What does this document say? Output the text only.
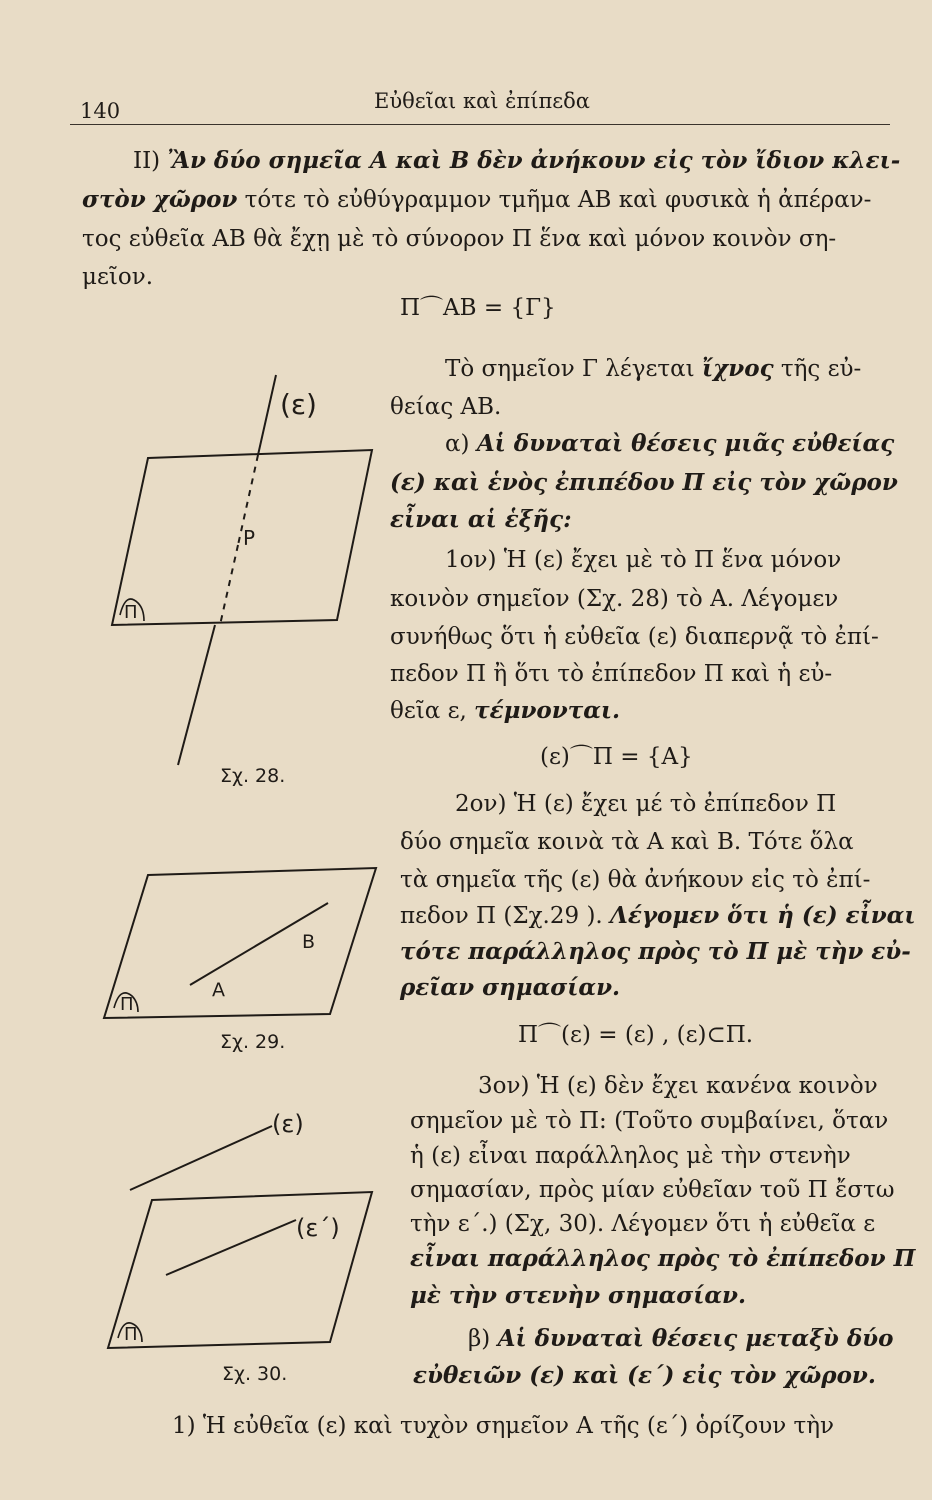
140	Εὐθεῖαι καὶ ἐπίπεδα
ΙΙ) Ἂν δύο σημεῖα Α καὶ Β δὲν ἀνήκουν εἰς τὸν ἴδιον κλει-
στὸν χῶρον τότε τὸ εὐθύγραμμον τμῆμα ΑΒ καὶ φυσικὰ ἡ ἀπέραν-
τος εὐθεῖα ΑΒ θὰ ἔχῃ μὲ τὸ σύνορον Π ἕνα καὶ μόνον κοινὸν ση-
μεῖον.
Π⌒ΑΒ = {Γ}
Τὸ σημεῖον Γ λέγεται ἴχνος τῆς εὐ-
θείας ΑΒ.
α) Αἱ δυναταὶ θέσεις μιᾶς εὐθείας
(ε) καὶ ἑνὸς ἐπιπέδου Π εἰς τὸν χῶρον
εἶναι αἱ ἑξῆς:
1ον) Ἡ (ε) ἔχει μὲ τὸ Π ἕνα μόνον
κοινὸν σημεῖον (Σχ. 28) τὸ Α. Λέγομεν
συνήθως ὅτι ἡ εὐθεῖα (ε) διαπερνᾷ τὸ ἐπί-
πεδον Π ἢ ὅτι τὸ ἐπίπεδον Π καὶ ἡ εὐ-
θεῖα ε, τέμνονται.
(ε)⌒Π = {Α}
2ον) Ἡ (ε) ἔχει μέ τὸ ἐπίπεδον Π
δύο σημεῖα κοινὰ τὰ Α καὶ Β. Τότε ὅλα
τὰ σημεῖα τῆς (ε) θὰ ἀνήκουν εἰς τὸ ἐπί-
πεδον Π (Σχ.29 ). Λέγομεν ὅτι ἡ (ε) εἶναι
τότε παράλληλος πρὸς τὸ Π μὲ τὴν εὐ-
ρεῖαν σημασίαν.
Π⌒(ε) = (ε) , (ε)⊂Π.
3ον) Ἡ (ε) δὲν ἔχει κανένα κοινὸν
σημεῖον μὲ τὸ Π: (Τοῦτο συμβαίνει, ὅταν
ἡ (ε) εἶναι παράλληλος μὲ τὴν στενὴν
σημασίαν, πρὸς μίαν εὐθεῖαν τοῦ Π ἔστω
τὴν ε΄.) (Σχ, 30). Λέγομεν ὅτι ἡ εὐθεῖα ε
εἶναι παράλληλος πρὸς τὸ ἐπίπεδον Π
μὲ τὴν στενὴν σημασίαν.
β) Αἱ δυναταὶ θέσεις μεταξὺ δύο
εὐθειῶν (ε) καὶ (ε΄) εἰς τὸν χῶρον.
1) Ἡ εὐθεῖα (ε) καὶ τυχὸν σημεῖον Α τῆς (ε΄) ὁρίζουν τὴν
(ε)
Ρ
Π
Σχ. 28.
Α
Β
Π
Σχ. 29.
(ε)
(ε΄)
Π
Σχ. 30.
